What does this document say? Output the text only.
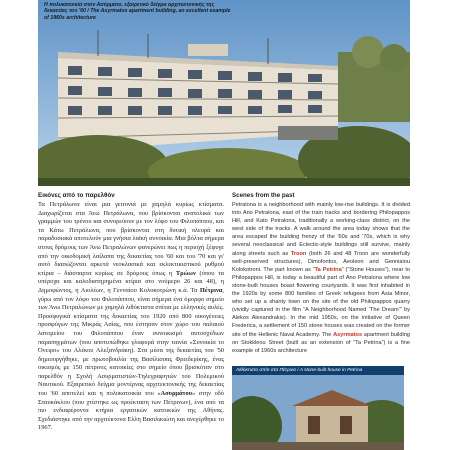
Η πολυκατοικία στον Ασύρματο, εξαιρετικό δείγμα αρχιτεκτονικής της δεκαετίας του '60 / The Asyrmatos apartment building, an excellent example of 1960s architecture
Εικόνες από το παρελθόν

Τα Πετράλωνα είναι μια γειτονιά με χαμηλά κυρίως κτίσματα. Διαχωρίζεται στα Άνω Πετράλωνα, που βρίσκονται ανατολικά των γραμμών του τρένου και συνορεύουν με τον λόφο του Φιλοπάππου, και τα Κάτω Πετράλωνα, που βρίσκονται στη δυτική πλευρά και παραδοσιακά αποτελούν μια γνήσια λαϊκή συνοικία. Μια βόλτα σήμερα στους δρόμους των Άνω Πετραλώνων φανερώνει πως η περιοχή ξέφυγε από την οικοδομική λαίλαπα της δεκαετίας του '60 και του '70 και γι' αυτό διασώζονται αρκετά νεοκλασικά και εκλεκτικιστικού ρυθμού κτίρια – διάσπαρτα κυρίως σε δρόμους όπως η Τρώων (όπου τα υπέροχα και καλοδιατηρημένα κτίρια στο νούμερο 26 και 48), η Δημοφώντος, η Αιολέων, η Γενναίου Κολοκοτρώνη κ.ά. Τα Πέτρινα, γύρω από τον λόφο του Φιλοπάππου, είναι σήμερα ένα όμορφο σημείο των Άνω Πετραλώνων με χαμηλά λιθόκτιστα σπίτια με ελληνικές αυλές. Προσφυγικά κτίσματα της δεκαετίας του 1920 από 800 οικογένειες προσφύγων της Μικράς Ασίας, που έστησαν στον χώρο του παλαιού λατομείου του Φιλοπάππου έναν συνοικισμό αυτοσχέδιων παραπηγμάτων (που αποτυπώθηκε γλαφυρά στην ταινία «Συνοικία το Όνειρο» του Αλέκου Αλεξανδράκη). Στα μέσα της δεκαετίας του '50 δημιουργήθηκε, με πρωτοβουλία της Βασίλισσας Φρειδερίκης, ένας οικισμός με 150 πέτρινες κατοικίες στο σημείο όπου βρισκόταν στο παρελθόν η Σχολή Ασυρματιστών-Τηλεγραφητών του Πολεμικού Ναυτικού. Εξαιρετικό δείγμα μοντέρνας αρχιτεκτονικής της δεκαετίας του '60 αποτελεί και η πολυκατοικία του «Ασυρμάτου» στην οδό Σταυκάκλου (που χτίστηκε ως προέκταση των Πέτρινων), ένα από τα πιο ενδιαφέροντα κτήρια εργατικών κατοικιών της Αθήνας. Σχεδιάστηκε από την αρχιτέκτονα Ελλη Βασιλικιώτη και ανεγέρθηκε το 1967.

Scenes from the past

Petralona is a neighborhood with mainly low-rise buildings. It is divided into Ano Petralona, east of the train tracks and bordering Philopappos Hill, and Kato Petralona, traditionally a working-class district, on the west side of the tracks. A walk around the area today shows that the area escaped the building frenzy of the '60s and '70s, which is why several neoclassical and Eclectic-style buildings still survive, mainly along streets such as Troon (both 26 and 48 Troon are wonderfully well-preserved structures), Dimofontos, Aeoleon and Genniaiou Kolokotroni. The part known as “Ta Petrina” (“Stone Houses”), near to Philopappos Hill, is today a beautiful part of Ano Petralona where low stone-built houses boast flowering courtyards. It was first inhabited in the 1920s by some 800 families of Greek refugees from Asia Minor, who set up a shanty town on the site of the old Philopappos quarry (vividly captured in the film “A Neighborhood Named ‘The Dream’” by Alekos Alexandrakis). In the mid 1950s, on the initiative of Queen Frederica, a settlement of 150 stone houses was created on the former site of the Hellenic Naval Academy. The Asyrmatos apartment building on Stokkleou Street (built as an extension of “Ta Petrina”) is a fine example of 1960s architecture

Λιθόκτιστο σπίτι στα Πέτρινα / A stone-built house in Petrina
